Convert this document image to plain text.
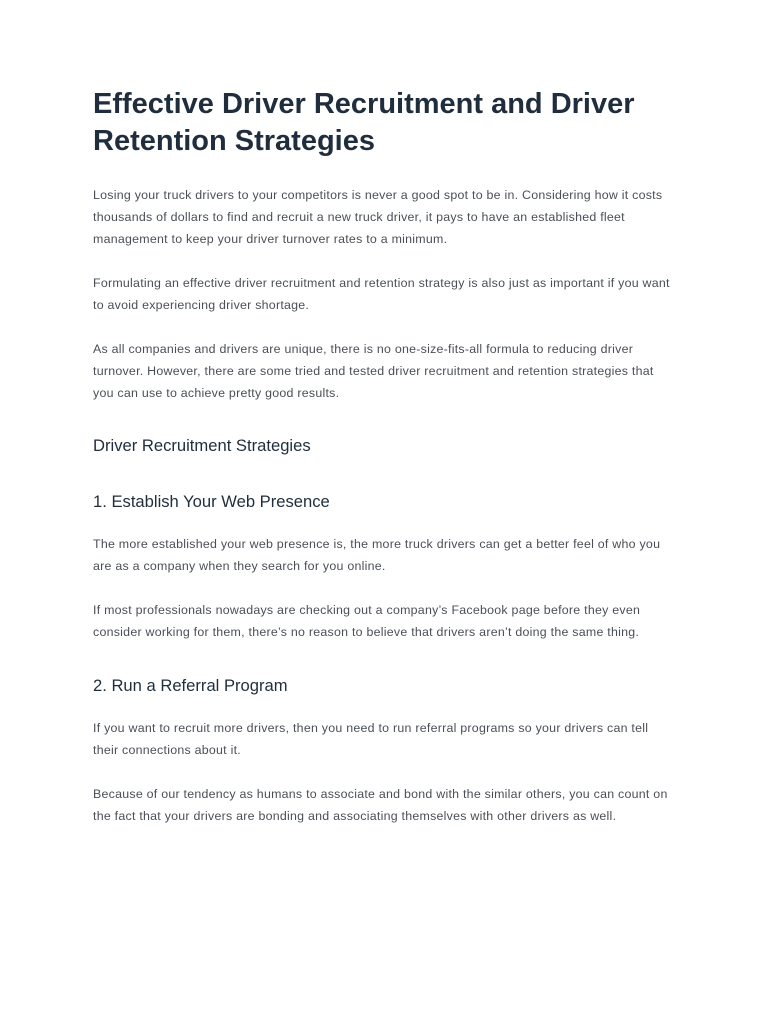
Effective Driver Recruitment and Driver Retention Strategies

Losing your truck drivers to your competitors is never a good spot to be in. Considering how it costs thousands of dollars to find and recruit a new truck driver, it pays to have an established fleet management to keep your driver turnover rates to a minimum.

Formulating an effective driver recruitment and retention strategy is also just as important if you want to avoid experiencing driver shortage.

As all companies and drivers are unique, there is no one-size-fits-all formula to reducing driver turnover. However, there are some tried and tested driver recruitment and retention strategies that you can use to achieve pretty good results.

Driver Recruitment Strategies
1. Establish Your Web Presence

The more established your web presence is, the more truck drivers can get a better feel of who you are as a company when they search for you online.

If most professionals nowadays are checking out a company’s Facebook page before they even consider working for them, there’s no reason to believe that drivers aren’t doing the same thing.

2. Run a Referral Program

If you want to recruit more drivers, then you need to run referral programs so your drivers can tell their connections about it.

Because of our tendency as humans to associate and bond with the similar others, you can count on the fact that your drivers are bonding and associating themselves with other drivers as well.
